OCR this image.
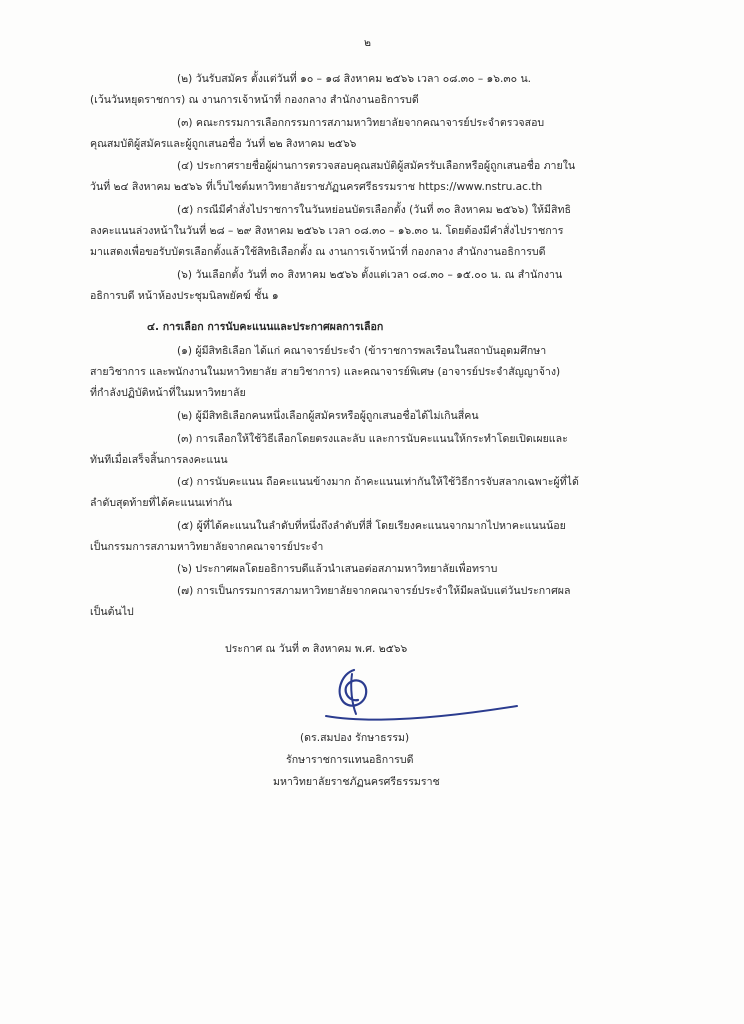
๒

(๒) วันรับสมัคร ตั้งแต่วันที่ ๑๐ – ๑๘ สิงหาคม ๒๕๖๖ เวลา ๐๘.๓๐ – ๑๖.๓๐ น.

(เว้นวันหยุดราชการ) ณ งานการเจ้าหน้าที่ กองกลาง สำนักงานอธิการบดี

(๓) คณะกรรมการเลือกกรรมการสภามหาวิทยาลัยจากคณาจารย์ประจำตรวจสอบ

คุณสมบัติผู้สมัครและผู้ถูกเสนอชื่อ วันที่ ๒๒ สิงหาคม ๒๕๖๖

(๔) ประกาศรายชื่อผู้ผ่านการตรวจสอบคุณสมบัติผู้สมัครรับเลือกหรือผู้ถูกเสนอชื่อ ภายใน

วันที่ ๒๔ สิงหาคม ๒๕๖๖ ที่เว็บไซต์มหาวิทยาลัยราชภัฏนครศรีธรรมราช https://www.nstru.ac.th

(๕) กรณีมีคำสั่งไปราชการในวันหย่อนบัตรเลือกตั้ง (วันที่ ๓๐ สิงหาคม ๒๕๖๖) ให้มีสิทธิ

ลงคะแนนล่วงหน้าในวันที่ ๒๘ – ๒๙ สิงหาคม ๒๕๖๖ เวลา ๐๘.๓๐ – ๑๖.๓๐ น. โดยต้องมีคำสั่งไปราชการ

มาแสดงเพื่อขอรับบัตรเลือกตั้งแล้วใช้สิทธิเลือกตั้ง ณ งานการเจ้าหน้าที่ กองกลาง สำนักงานอธิการบดี

(๖) วันเลือกตั้ง วันที่ ๓๐ สิงหาคม ๒๕๖๖ ตั้งแต่เวลา ๐๘.๓๐ – ๑๕.๐๐ น. ณ สำนักงาน

อธิการบดี หน้าห้องประชุมนิลพยัคฆ์ ชั้น ๑

๔. การเลือก การนับคะแนนและประกาศผลการเลือก

(๑) ผู้มีสิทธิเลือก ได้แก่ คณาจารย์ประจำ (ข้าราชการพลเรือนในสถาบันอุดมศึกษา

สายวิชาการ และพนักงานในมหาวิทยาลัย สายวิชาการ) และคณาจารย์พิเศษ (อาจารย์ประจำสัญญาจ้าง)

ที่กำลังปฏิบัติหน้าที่ในมหาวิทยาลัย

(๒) ผู้มีสิทธิเลือกคนหนึ่งเลือกผู้สมัครหรือผู้ถูกเสนอชื่อได้ไม่เกินสี่คน

(๓) การเลือกให้ใช้วิธีเลือกโดยตรงและลับ และการนับคะแนนให้กระทำโดยเปิดเผยและ

ทันทีเมื่อเสร็จสิ้นการลงคะแนน

(๔) การนับคะแนน ถือคะแนนข้างมาก ถ้าคะแนนเท่ากันให้ใช้วิธีการจับสลากเฉพาะผู้ที่ได้

ลำดับสุดท้ายที่ได้คะแนนเท่ากัน

(๕) ผู้ที่ได้คะแนนในลำดับที่หนึ่งถึงลำดับที่สี่ โดยเรียงคะแนนจากมากไปหาคะแนนน้อย

เป็นกรรมการสภามหาวิทยาลัยจากคณาจารย์ประจำ

(๖) ประกาศผลโดยอธิการบดีแล้วนำเสนอต่อสภามหาวิทยาลัยเพื่อทราบ

(๗) การเป็นกรรมการสภามหาวิทยาลัยจากคณาจารย์ประจำให้มีผลนับแต่วันประกาศผล

เป็นต้นไป

ประกาศ ณ วันที่ ๓ สิงหาคม พ.ศ. ๒๕๖๖

(ดร.สมปอง รักษาธรรม)

รักษาราชการแทนอธิการบดี

มหาวิทยาลัยราชภัฏนครศรีธรรมราช
